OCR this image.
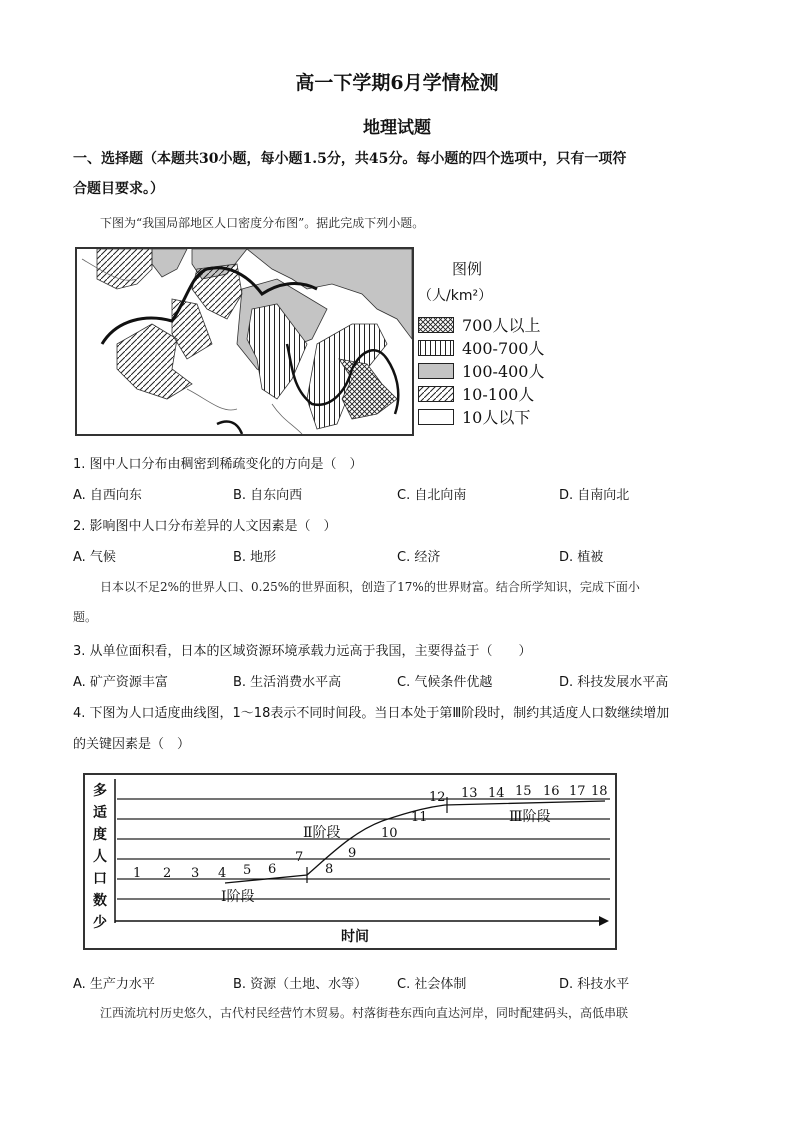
高一下学期6月学情检测
地理试题
一、选择题（本题共30小题，每小题1.5分，共45分。每小题的四个选项中，只有一项符
合题目要求。）
下图为“我国局部地区人口密度分布图”。据此完成下列小题。
图例
（人/km²）
700人以上
400-700人
100-400人
10-100人
10人以下
1. 图中人口分布由稠密到稀疏变化的方向是（　）
A. 自西向东	B. 自东向西	C. 自北向南	D. 自南向北
2. 影响图中人口分布差异的人文因素是（　）
A. 气候	B. 地形	C. 经济	D. 植被
日本以不足2%的世界人口、0.25%的世界面积，创造了17%的世界财富。结合所学知识，完成下面小
题。
3. 从单位面积看，日本的区域资源环境承载力远高于我国，主要得益于（　　）
A. 矿产资源丰富	B. 生活消费水平高	C. 气候条件优越	D. 科技发展水平高
4. 下图为人口适度曲线图，1～18表示不同时间段。当日本处于第Ⅲ阶段时，制约其适度人口数继续增加
的关键因素是（　）
多
适
度
人
口
数
少
1 2 3 4 5 6
7
8
9
10
11
12 13 14 15 16 17 18
Ⅰ阶段
Ⅱ阶段
Ⅲ阶段
时间
A. 生产力水平	B. 资源（土地、水等） C. 社会体制	D. 科技水平
江西流坑村历史悠久，古代村民经营竹木贸易。村落街巷东西向直达河岸，同时配建码头，高低串联
